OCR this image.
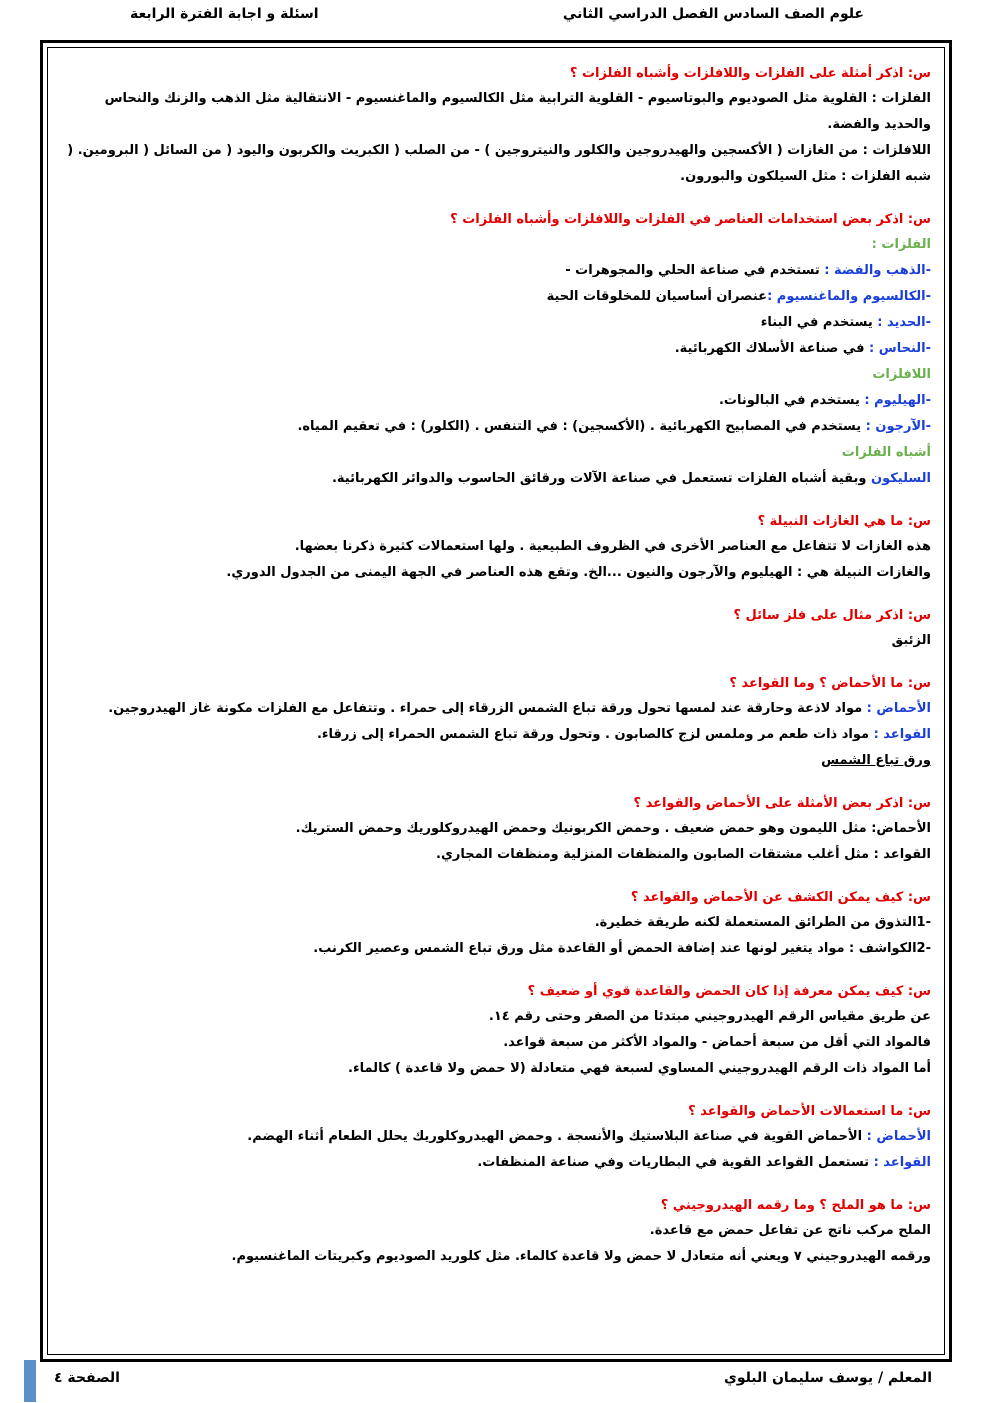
علوم الصف السادس الفصل الدراسي الثاني
اسئلة و اجابة الفترة الرابعة
س: اذكر أمثلة على الفلزات واللافلزات وأشباه الفلزات ؟
الفلزات : القلوية مثل الصوديوم والبوتاسيوم - القلوية الترابية مثل الكالسيوم والماغنسيوم - الانتقالية مثل الذهب والزنك والنحاس والحديد والفضة.
اللافلزات : من الغازات ( الأكسجين والهيدروجين والكلور والنيتروجين ) - من الصلب ( الكبريت والكربون واليود ( من السائل ( البرومين. (
شبه الفلزات : مثل السيلكون والبورون.
س: اذكر بعض استخدامات العناصر في الفلزات واللافلزات وأشباه الفلزات ؟
الفلزات :
-الذهب والفضة : تستخدم في صناعة الحلي والمجوهرات -
-الكالسيوم والماغنسيوم :عنصران أساسيان للمخلوقات الحية
-الحديد : يستخدم في البناء
-النحاس : في صناعة الأسلاك الكهربائية.
اللافلزات
-الهيليوم : يستخدم في البالونات.
-الآرجون : يستخدم في المصابيح الكهربائية . (الأكسجين) : في التنفس . (الكلور) : في تعقيم المياه.
أشباه الفلزات
السليكون وبقية أشباه الفلزات تستعمل في صناعة الآلات ورقائق الحاسوب والدوائر الكهربائية.
س: ما هي الغازات النبيلة ؟
هذه الغازات لا تتفاعل مع العناصر الأخرى في الظروف الطبيعية . ولها استعمالات كثيرة ذكرنا بعضها.
والغازات النبيلة هي : الهيليوم والآرجون والنيون ...الخ. وتقع هذه العناصر في الجهة اليمنى من الجدول الدوري.
س: اذكر مثال على فلز سائل ؟
الزئبق
س: ما الأحماض ؟ وما القواعد ؟
الأحماض : مواد لاذعة وحارقة عند لمسها تحول ورقة تباع الشمس الزرقاء إلى حمراء . وتتفاعل مع الفلزات مكونة غاز الهيدروجين.
القواعد : مواد ذات طعم مر وملمس لزج كالصابون . وتحول ورقة تباع الشمس الحمراء إلى زرقاء.
ورق تباع الشمس
س: اذكر بعض الأمثلة على الأحماض والقواعد ؟
الأحماض: مثل الليمون وهو حمض ضعيف . وحمض الكربونيك وحمض الهيدروكلوريك وحمض الستريك.
القواعد : مثل أغلب مشتقات الصابون والمنظفات المنزلية ومنظفات المجاري.
س: كيف يمكن الكشف عن الأحماض والقواعد ؟
-1التذوق من الطرائق المستعملة لكنه طريقة خطيرة.
-2الكواشف : مواد يتغير لونها عند إضافة الحمض أو القاعدة مثل ورق تباع الشمس وعصير الكرنب.
س: كيف يمكن معرفة إذا كان الحمض والقاعدة قوي أو ضعيف ؟
عن طريق مقياس الرقم الهيدروجيني مبتدئا من الصفر وحتى رقم ١٤.
فالمواد التي أقل من سبعة أحماض - والمواد الأكثر من سبعة قواعد.
أما المواد ذات الرقم الهيدروجيني المساوي لسبعة فهي متعادلة (لا حمض ولا قاعدة ) كالماء.
س: ما استعمالات الأحماض والقواعد ؟
الأحماض : الأحماض القوية في صناعة البلاستيك والأنسجة . وحمض الهيدروكلوريك يحلل الطعام أثناء الهضم.
القواعد : تستعمل القواعد القوية في البطاريات وفي صناعة المنظفات.
س: ما هو الملح ؟ وما رقمه الهيدروجيني ؟
الملح مركب ناتج عن تفاعل حمض مع قاعدة.
ورقمه الهيدروجيني ٧ ويعني أنه متعادل لا حمض ولا قاعدة كالماء. مثل كلوريد الصوديوم وكبريتات الماغنسيوم.
المعلم / يوسف سليمان البلوي
الصفحة ٤
